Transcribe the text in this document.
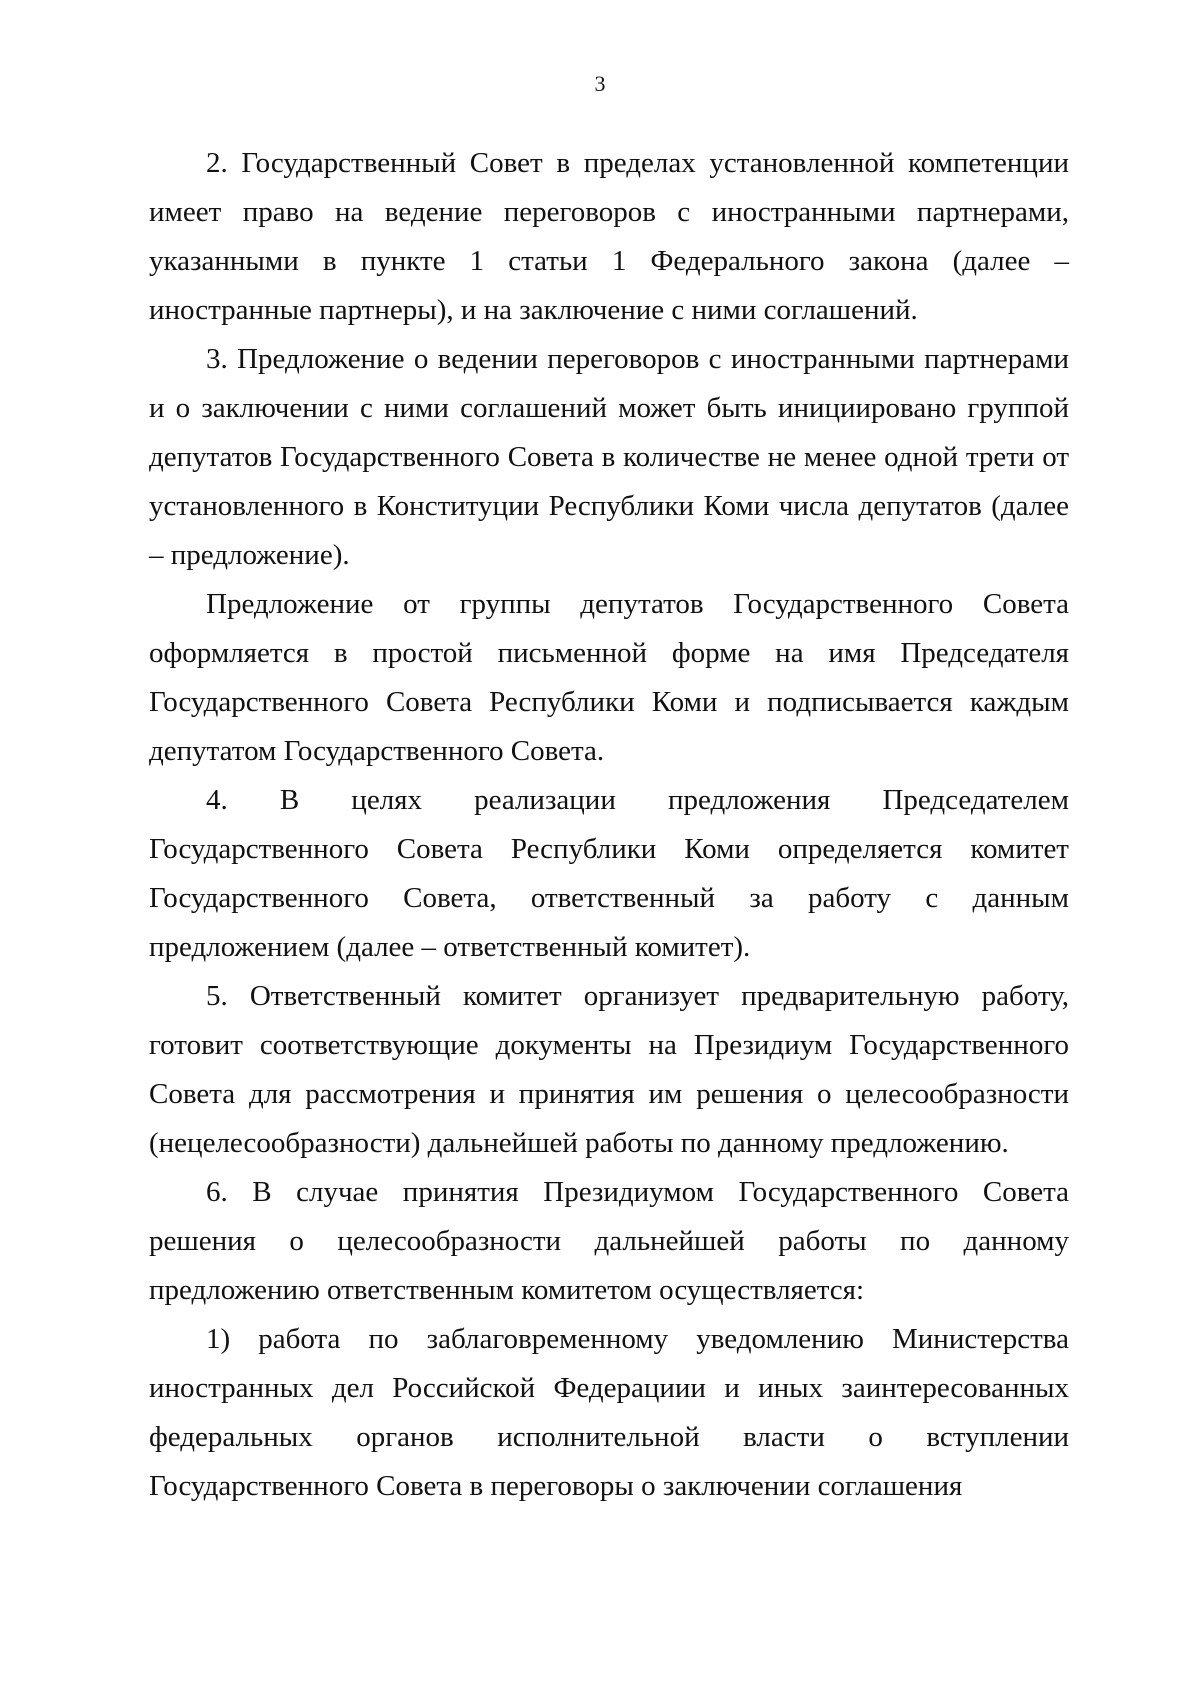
3

2. Государственный Совет в пределах установленной компетенции имеет право на ведение переговоров с иностранными партнерами, указанными в пункте 1 статьи 1 Федерального закона (далее – иностранные партнеры), и на заключение с ними соглашений.

3. Предложение о ведении переговоров с иностранными партнерами и о заключении с ними соглашений может быть инициировано группой депутатов Государственного Совета в количестве не менее одной трети от установленного в Конституции Республики Коми числа депутатов (далее – предложение).

Предложение от группы депутатов Государственного Совета оформляется в простой письменной форме на имя Председателя Государственного Совета Республики Коми и подписывается каждым депутатом Государственного Совета.

4. В целях реализации предложения Председателем Государственного Совета Республики Коми определяется комитет Государственного Совета, ответственный за работу с данным предложением (далее – ответственный комитет).

5. Ответственный комитет организует предварительную работу, готовит соответствующие документы на Президиум Государственного Совета для рассмотрения и принятия им решения о целесообразности (нецелесообразности) дальнейшей работы по данному предложению.

6. В случае принятия Президиумом Государственного Совета решения о целесообразности дальнейшей работы по данному предложению ответственным комитетом осуществляется:

1) работа по заблаговременному уведомлению Министерства иностранных дел Российской Федерациии и иных заинтересованных федеральных органов исполнительной власти о вступлении Государственного Совета в переговоры о заключении соглашения
